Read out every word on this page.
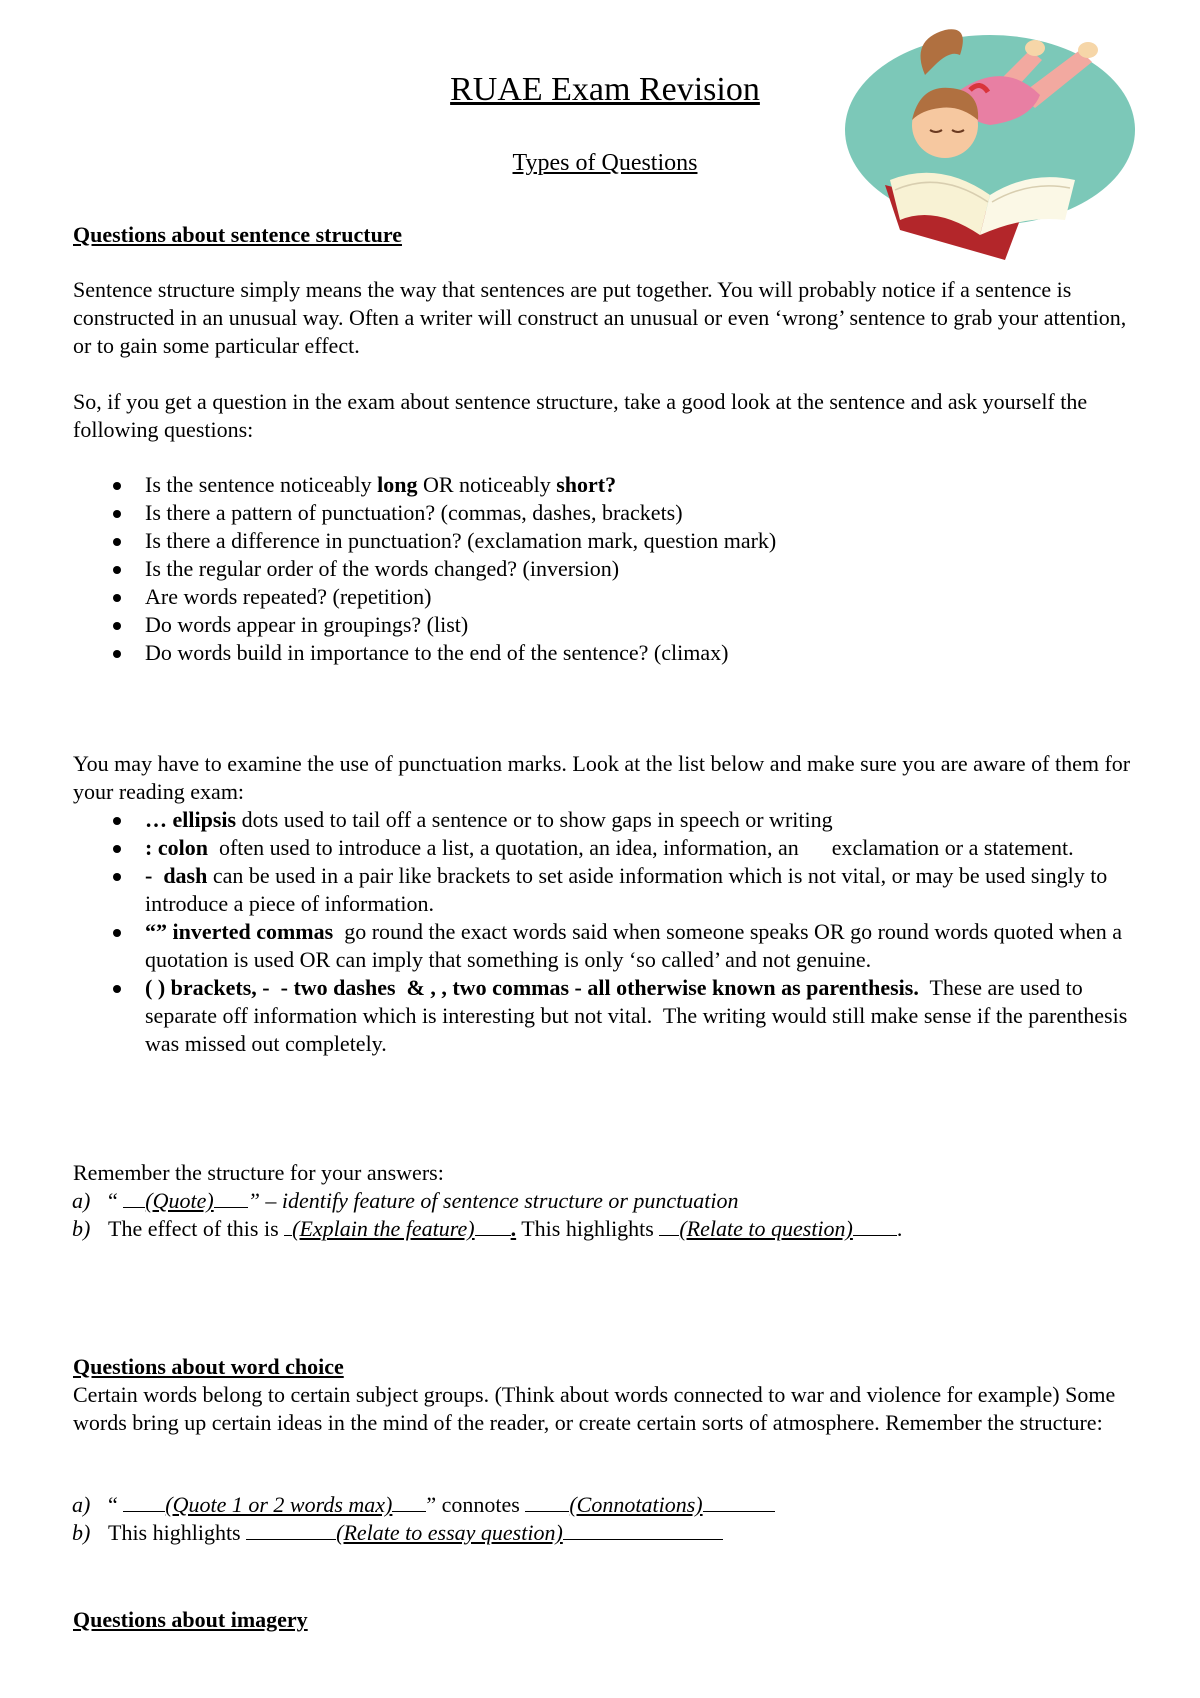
RUAE Exam Revision
Types of Questions
Questions about sentence structure
Sentence structure simply means the way that sentences are put together. You will probably notice if a sentence is constructed in an unusual way. Often a writer will construct an unusual or even ‘wrong’ sentence to grab your attention, or to gain some particular effect.
So, if you get a question in the exam about sentence structure, take a good look at the sentence and ask yourself the following questions:
Is the sentence noticeably long OR noticeably short?
Is there a pattern of punctuation? (commas, dashes, brackets)
Is there a difference in punctuation? (exclamation mark, question mark)
Is the regular order of the words changed? (inversion)
Are words repeated? (repetition)
Do words appear in groupings? (list)
Do words build in importance to the end of the sentence? (climax)
You may have to examine the use of punctuation marks. Look at the list below and make sure you are aware of them for your reading exam:
… ellipsis dots used to tail off a sentence or to show gaps in speech or writing
: colon  often used to introduce a list, a quotation, an idea, information, an      exclamation or a statement.
-  dash can be used in a pair like brackets to set aside information which is not vital, or may be used singly to introduce a piece of information.
“” inverted commas  go round the exact words said when someone speaks OR go round words quoted when a quotation is used OR can imply that something is only ‘so called’ and not genuine.
( ) brackets, -  - two dashes  & , , two commas - all otherwise known as parenthesis.  These are used to separate off information which is interesting but not vital.  The writing would still make sense if the parenthesis was missed out completely.
Remember the structure for your answers:
a) “ (Quote) ” – identify feature of sentence structure or punctuation
b) The effect of this is (Explain the feature) . This highlights (Relate to question) .
Questions about word choice
Certain words belong to certain subject groups. (Think about words connected to war and violence for example) Some words bring up certain ideas in the mind of the reader, or create certain sorts of atmosphere. Remember the structure:
a) “ (Quote 1 or 2 words max) ” connotes (Connotations)
b) This highlights	(Relate to essay question)
Questions about imagery
